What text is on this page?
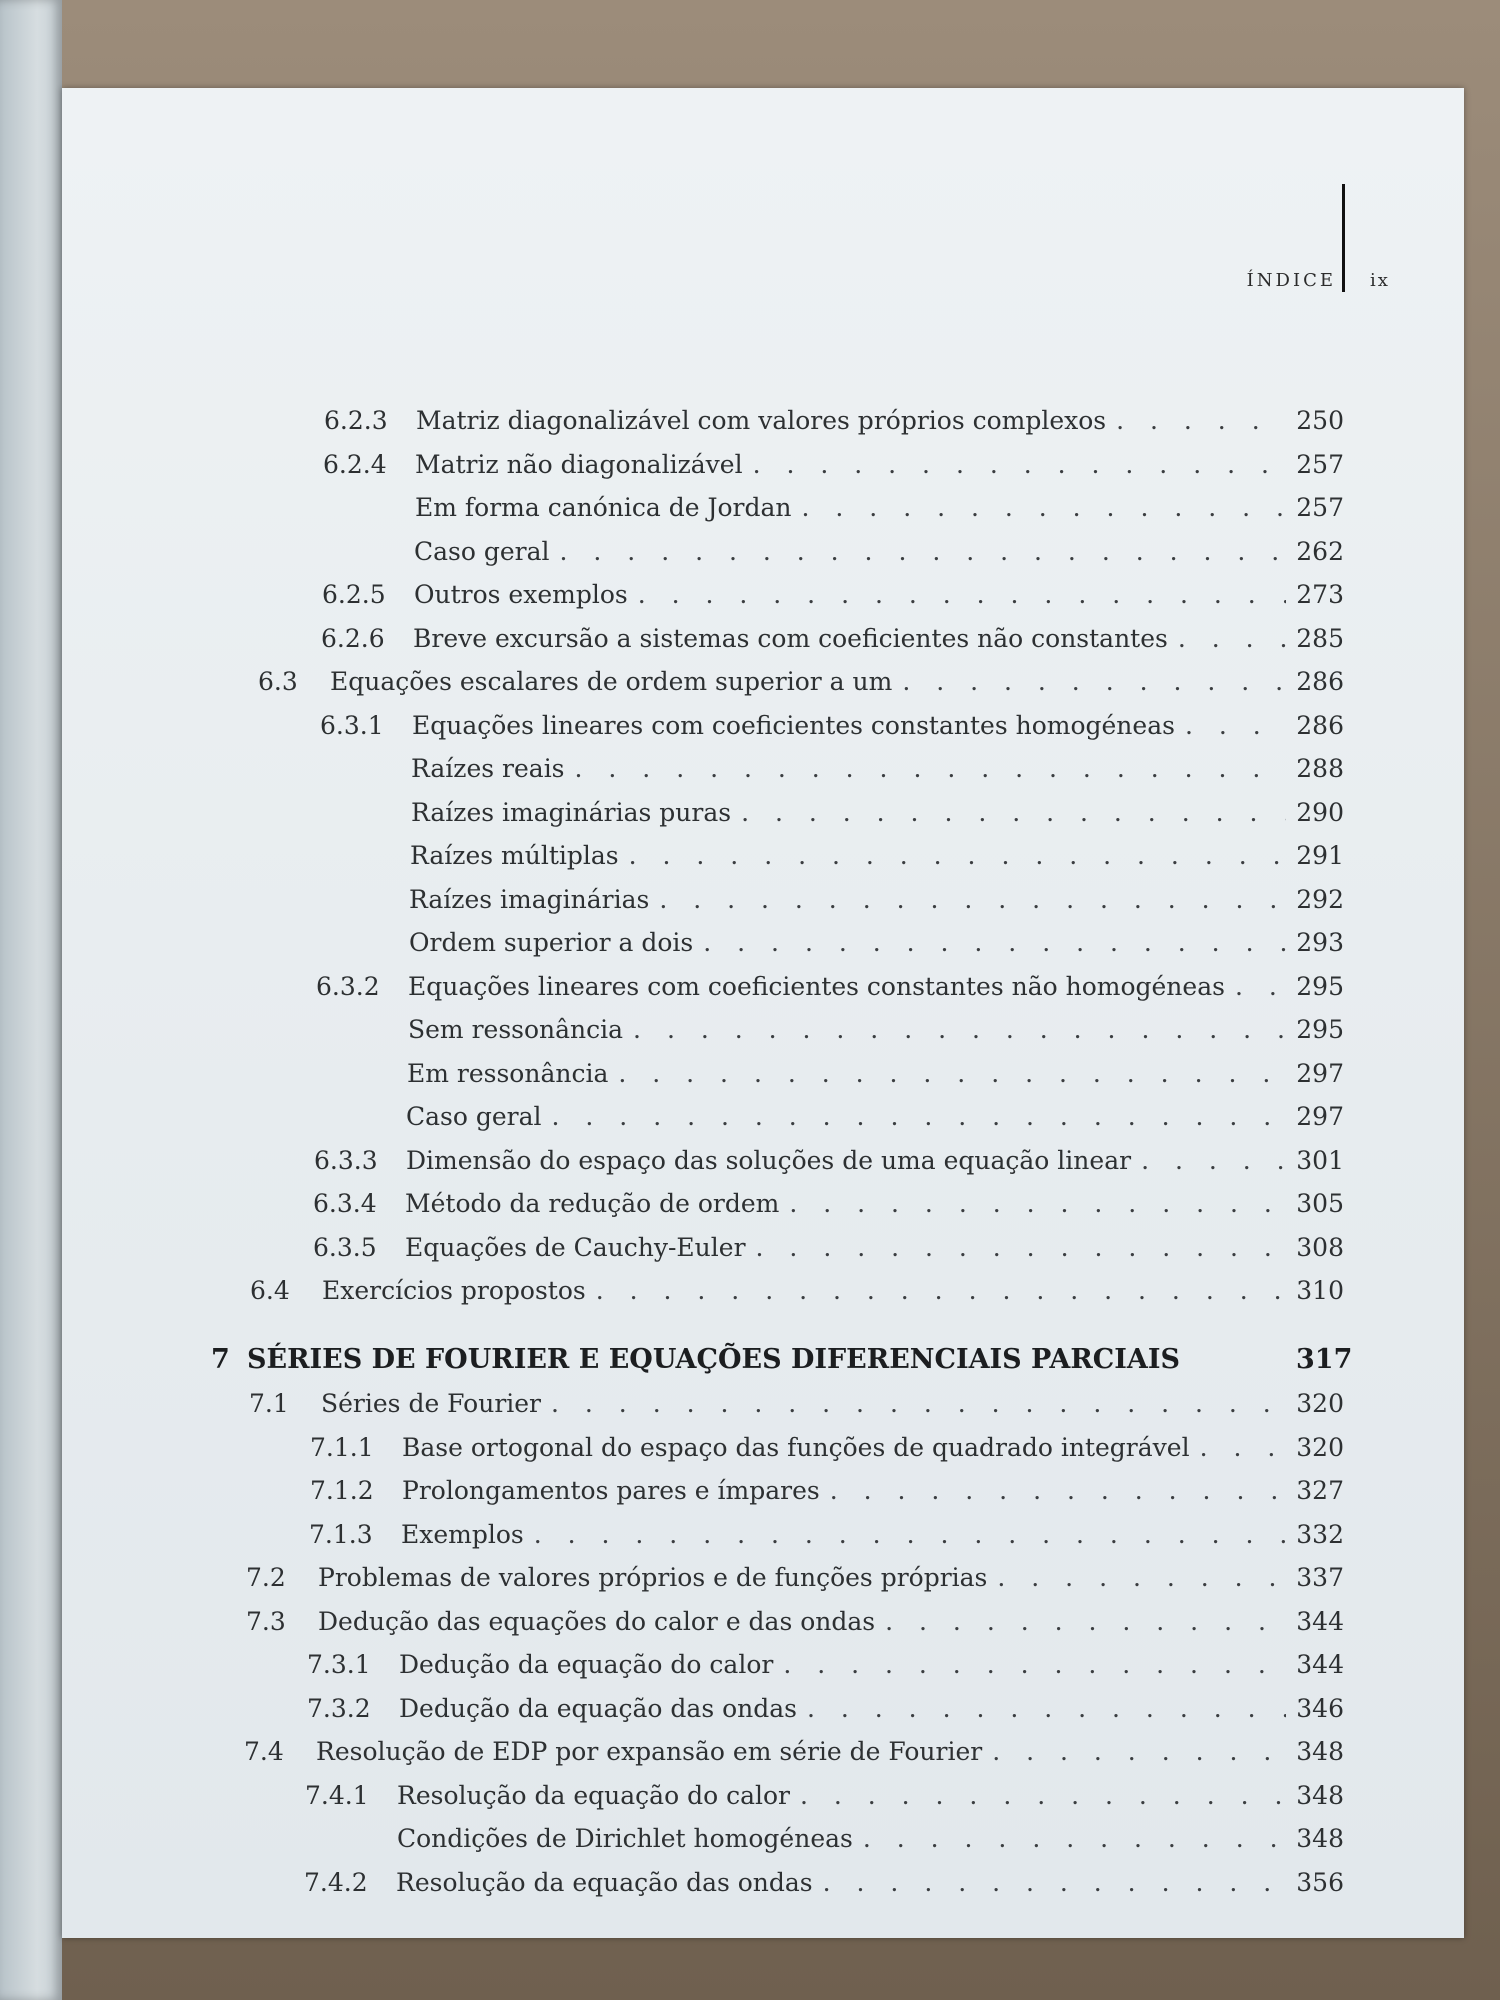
ÍNDICE ix
6.2.3	Matriz diagonalizável com valores próprios complexos . . .	250
6.2.4	Matriz não diagonalizável . . .	257
Em forma canónica de Jordan . . .	257
Caso geral . . .	262
6.2.5	Outros exemplos . . .	273
6.2.6	Breve excursão a sistemas com coeficientes não constantes . . .	285
6.3	Equações escalares de ordem superior a um . . .	286
6.3.1	Equações lineares com coeficientes constantes homogéneas . . .	286
Raízes reais . . .	288
Raízes imaginárias puras . . .	290
Raízes múltiplas . . .	291
Raízes imaginárias . . .	292
Ordem superior a dois . . .	293
6.3.2	Equações lineares com coeficientes constantes não homogéneas . . .	295
Sem ressonância . . .	295
Em ressonância . . .	297
Caso geral . . .	297
6.3.3	Dimensão do espaço das soluções de uma equação linear . . .	301
6.3.4	Método da redução de ordem . . .	305
6.3.5	Equações de Cauchy-Euler . . .	308
6.4	Exercícios propostos . . .	310
7 SÉRIES DE FOURIER E EQUAÇÕES DIFERENCIAIS PARCIAIS	317
7.1	Séries de Fourier . . .	320
7.1.1	Base ortogonal do espaço das funções de quadrado integrável . . .	320
7.1.2	Prolongamentos pares e ímpares . . .	327
7.1.3	Exemplos . . .	332
7.2	Problemas de valores próprios e de funções próprias . . .	337
7.3	Dedução das equações do calor e das ondas . . .	344
7.3.1	Dedução da equação do calor . . .	344
7.3.2	Dedução da equação das ondas . . .	346
7.4	Resolução de EDP por expansão em série de Fourier . . .	348
7.4.1	Resolução da equação do calor . . .	348
Condições de Dirichlet homogéneas . . .	348
7.4.2	Resolução da equação das ondas . . .	356
